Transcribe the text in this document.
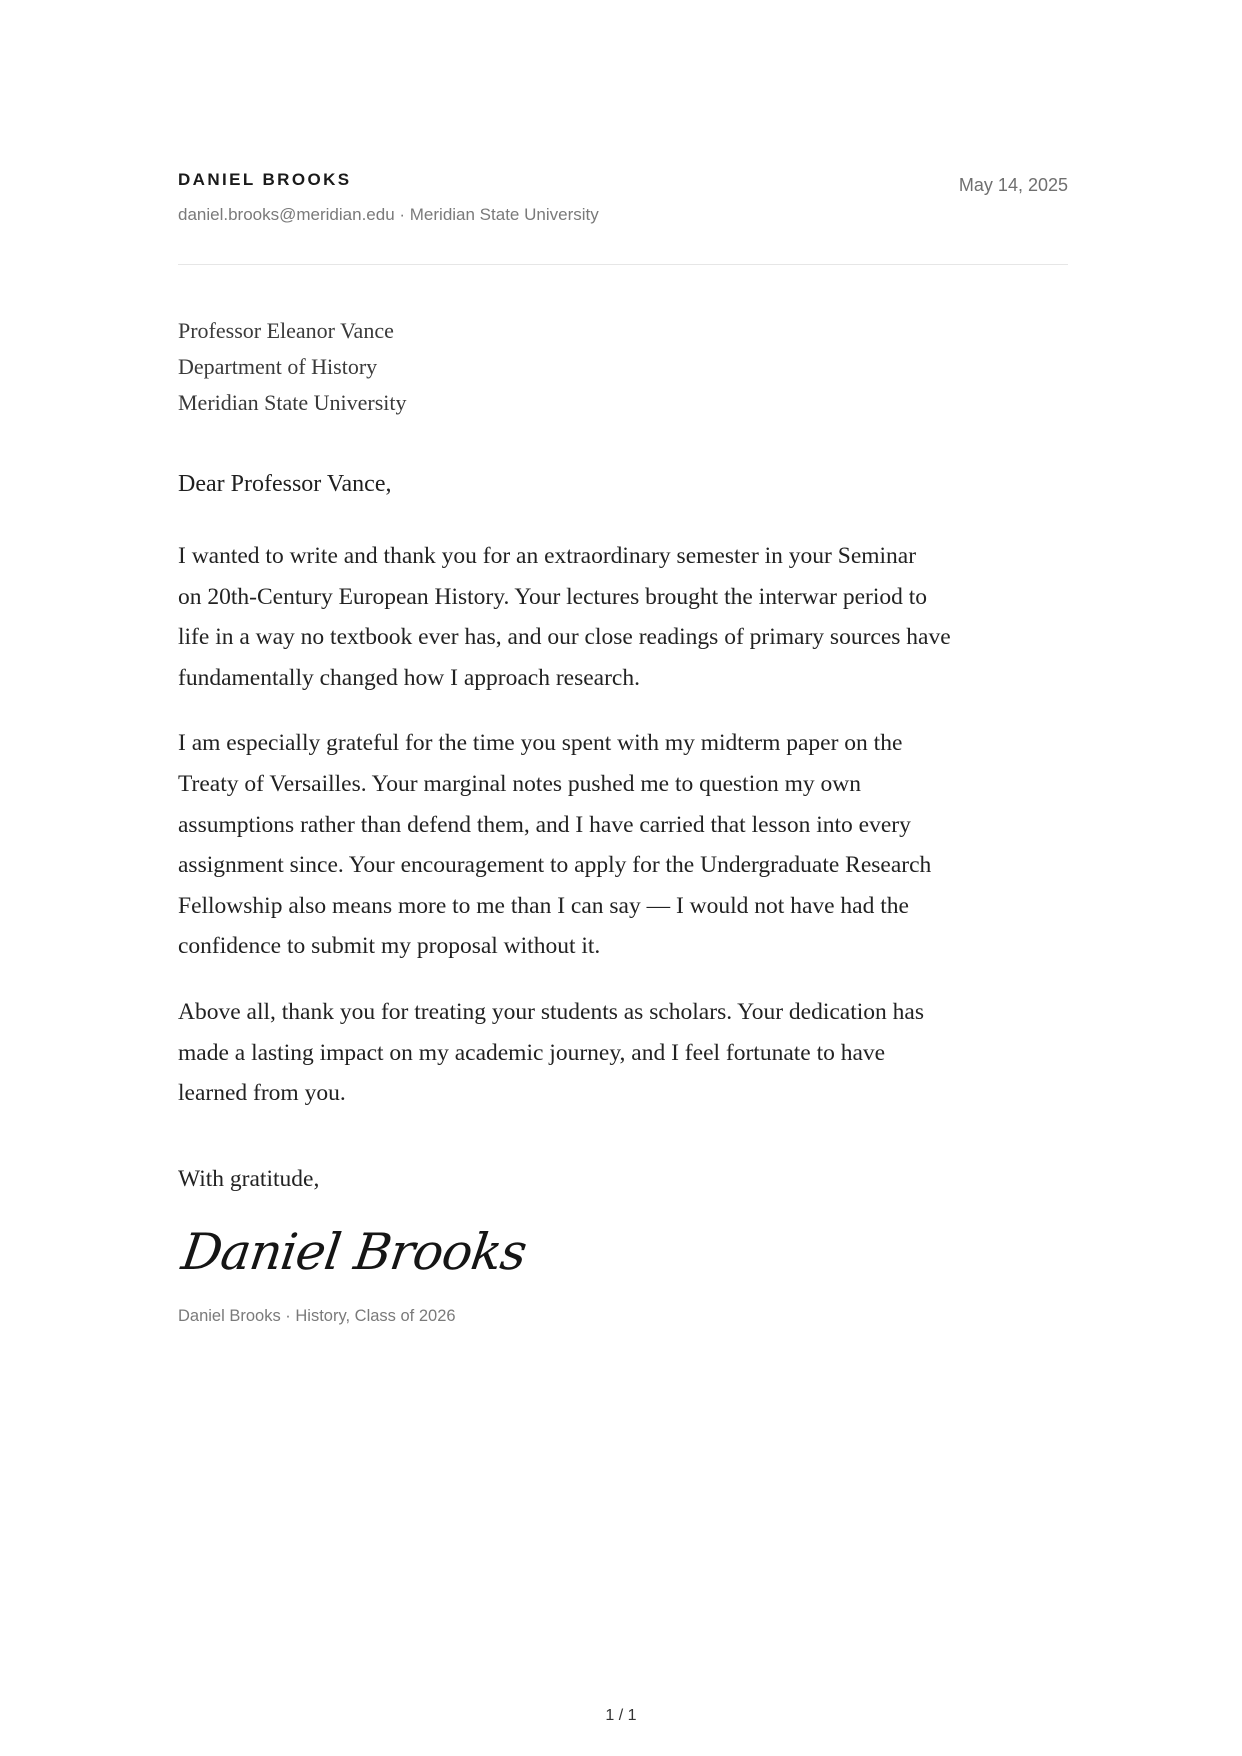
DANIEL BROOKS
daniel.brooks@meridian.edu · Meridian State University
May 14, 2025
Professor Eleanor Vance
Department of History
Meridian State University
Dear Professor Vance,

I wanted to write and thank you for an extraordinary semester in your Seminar
on 20th-Century European History. Your lectures brought the interwar period to
life in a way no textbook ever has, and our close readings of primary sources have
fundamentally changed how I approach research.

I am especially grateful for the time you spent with my midterm paper on the
Treaty of Versailles. Your marginal notes pushed me to question my own
assumptions rather than defend them, and I have carried that lesson into every
assignment since. Your encouragement to apply for the Undergraduate Research
Fellowship also means more to me than I can say — I would not have had the
confidence to submit my proposal without it.

Above all, thank you for treating your students as scholars. Your dedication has
made a lasting impact on my academic journey, and I feel fortunate to have
learned from you.

With gratitude,
Daniel Brooks
Daniel Brooks · History, Class of 2026
1 / 1
